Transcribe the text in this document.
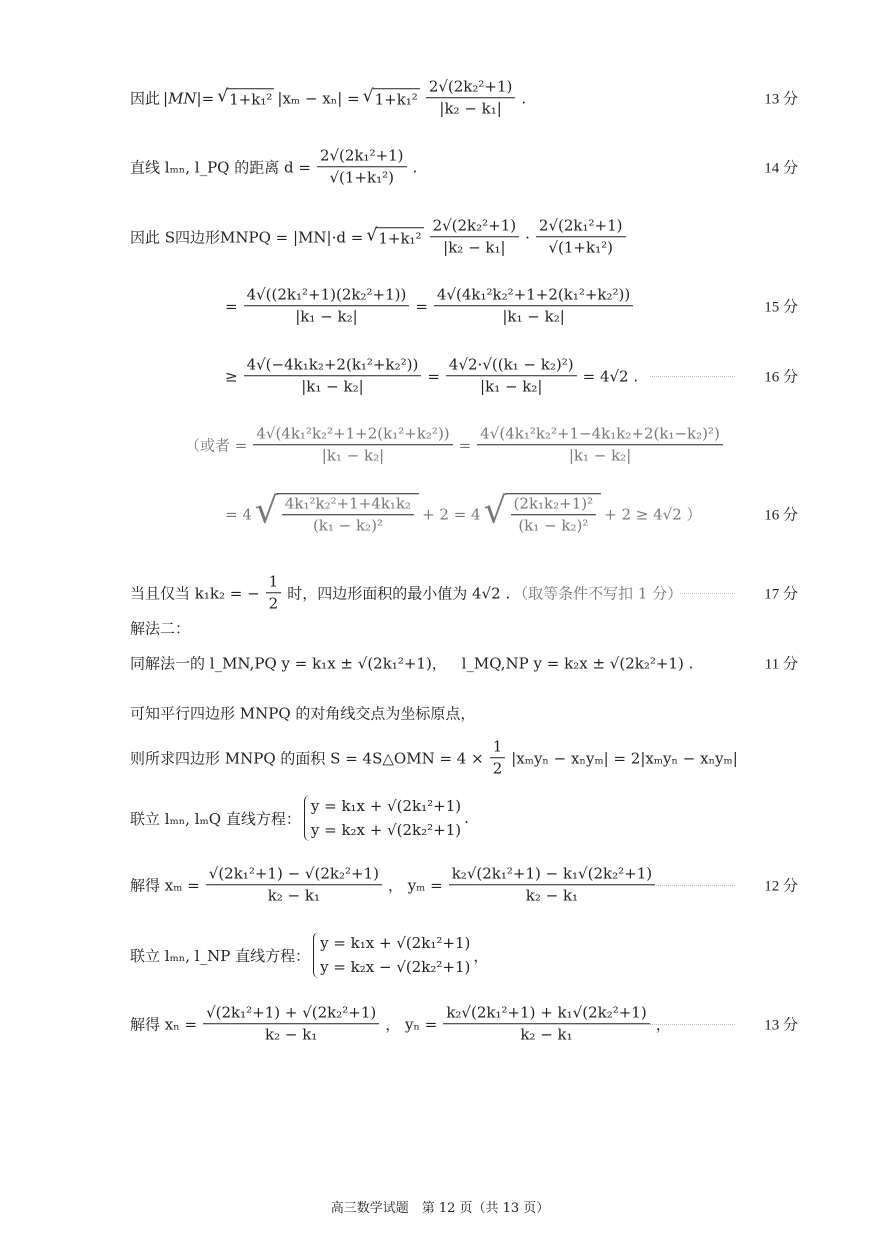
因此 |MN|= √ 1+k₁² |xₘ − xₙ| = √ $1+k_1^2 \frac{\text{2√(2k₂²+1)}}{\text{|k₂ − k₁|}}$ .	13 分
直线 lₘₙ, l_PQ 的距离 $d = \frac{\text{2√(2k₁²+1)}}{\text{√(1+k₁²)}}$ .	14 分
因此 S四边形MNPQ = |MN|·d = √ $1+k_1^2 \frac{\text{2√(2k₂²+1)}}{\text{|k₂ − k₁|}} \cdot \frac{\text{2√(2k₁²+1)}}{\text{√(1+k₁²)}}$
= $\frac{\text{4√((2k₁²+1)(2k₂²+1))}}{\text{|k₁ − k₂|}} = \frac{\text{4√(4k₁²k₂²+1+2(k₁²+k₂²))}}{\text{|k₁ − k₂|}}$	15 分
≥ $\frac{\text{4√(−4k₁k₂+2(k₁²+k₂²))}}{\text{|k₁ − k₂|}} = \frac{\text{4√2·√((k₁ − k₂)²)}}{\text{|k₁ − k₂|}} = 4√2$ .	16 分
（或者 = $\frac{\text{4√(4k₁²k₂²+1+2(k₁²+k₂²))}}{\text{|k₁ − k₂|}} = \frac{\text{4√(4k₁²k₂²+1−4k₁k₂+2(k₁−k₂)²)}}{\text{|k₁ − k₂|}}$
= 4 √ $\frac{\text{4k₁²k₂²+1+4k₁k₂}}{\text{(k₁ − k₂)²}} + 2 = 4$ √ $\frac{\text{(2k₁k₂+1)²}}{\text{(k₁ − k₂)²}} + 2 \ge 4√2$ ）	16 分
当且仅当 k₁k₂ = − $\frac{1}{2}$ 时，四边形面积的最小值为 4√2 . （取等条件不写扣 1 分）	17 分
解法二：
同解法一的 l_MN,PQ y = k₁x ± √(2k₁²+1)， l_MQ,NP y = k₂x ± √(2k₂²+1) .	11 分
可知平行四边形 MNPQ 的对角线交点为坐标原点，
则所求四边形 MNPQ 的面积 S = 4S△OMN = $4 \times \frac{1}{2} |x_my_n - x_ny_m| = 2|x_my_n - x_ny_m|$
联立 lₘₙ, lₘQ 直线方程：
y = k₁x + √(2k₁²+1)
y = k₂x + √(2k₂²+1)
.
解得 $x_m = \frac{\text{√(2k₁²+1) − √(2k₂²+1)}}{\text{k₂ − k₁}}$ ， $y_m = \frac{\text{k₂√(2k₁²+1) − k₁√(2k₂²+1)}}{\text{k₂ − k₁}}$	12 分
联立 lₘₙ, l_NP 直线方程：
y = k₁x + √(2k₁²+1)
y = k₂x − √(2k₂²+1)
，
解得 $x_n = \frac{\text{√(2k₁²+1) + √(2k₂²+1)}}{\text{k₂ − k₁}}$ ， $y_n = \frac{\text{k₂√(2k₁²+1) + k₁√(2k₂²+1)}}{\text{k₂ − k₁}}$ ，	13 分
高三数学试题　第 12 页（共 13 页）
